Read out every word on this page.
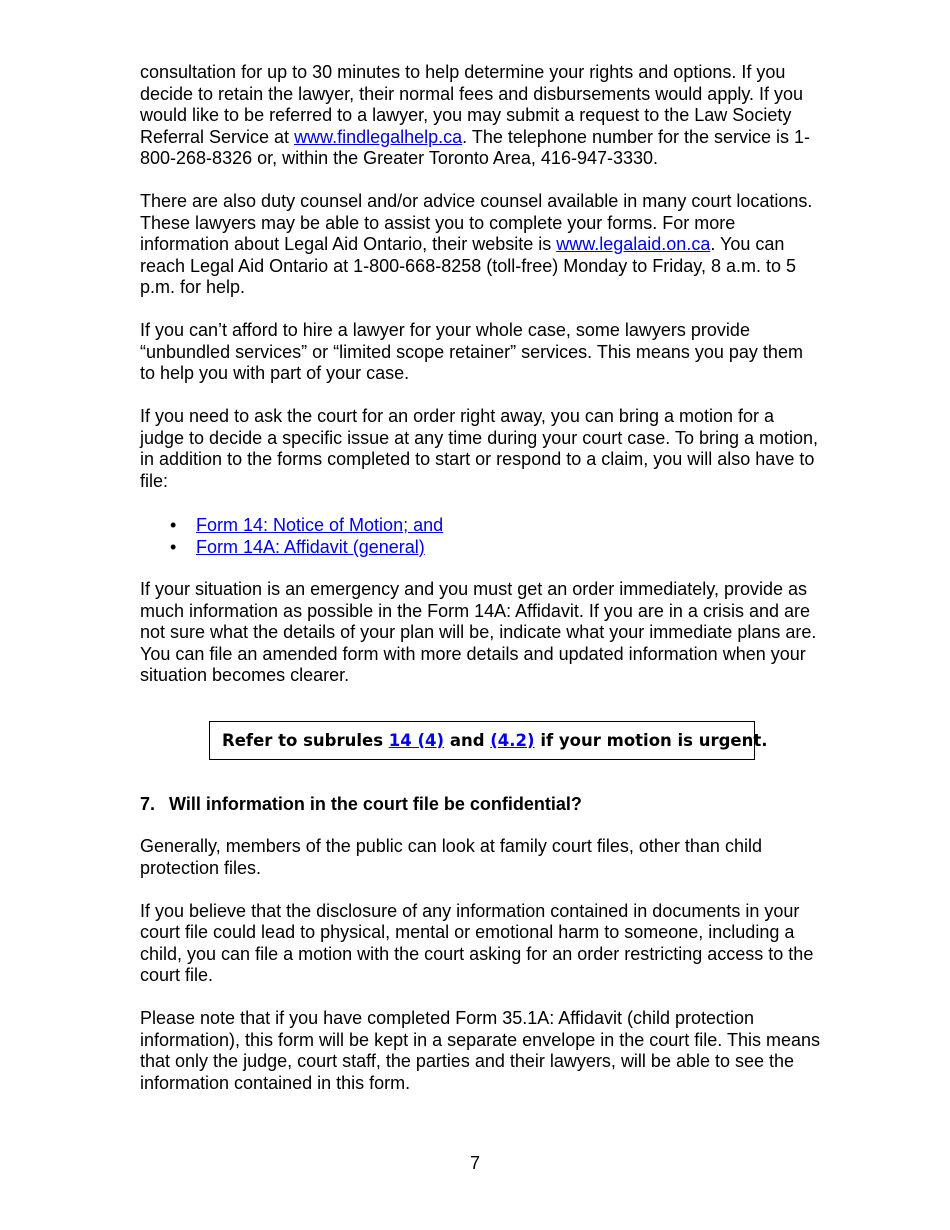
consultation for up to 30 minutes to help determine your rights and options. If you decide to retain the lawyer, their normal fees and disbursements would apply. If you would like to be referred to a lawyer, you may submit a request to the Law Society Referral Service at www.findlegalhelp.ca. The telephone number for the service is 1-800-268-8326 or, within the Greater Toronto Area, 416-947-3330.

There are also duty counsel and/or advice counsel available in many court locations. These lawyers may be able to assist you to complete your forms. For more information about Legal Aid Ontario, their website is www.legalaid.on.ca. You can reach Legal Aid Ontario at 1-800-668-8258 (toll-free) Monday to Friday, 8 a.m. to 5 p.m. for help.

If you can’t afford to hire a lawyer for your whole case, some lawyers provide “unbundled services” or “limited scope retainer” services. This means you pay them to help you with part of your case.

If you need to ask the court for an order right away, you can bring a motion for a judge to decide a specific issue at any time during your court case. To bring a motion, in addition to the forms completed to start or respond to a claim, you will also have to file:

• Form 14: Notice of Motion; and
• Form 14A: Affidavit (general)

If your situation is an emergency and you must get an order immediately, provide as much information as possible in the Form 14A: Affidavit. If you are in a crisis and are not sure what the details of your plan will be, indicate what your immediate plans are. You can file an amended form with more details and updated information when your situation becomes clearer.

Refer to subrules 14 (4) and (4.2) if your motion is urgent.
7. Will information in the court file be confidential?

Generally, members of the public can look at family court files, other than child protection files.

If you believe that the disclosure of any information contained in documents in your court file could lead to physical, mental or emotional harm to someone, including a child, you can file a motion with the court asking for an order restricting access to the court file.

Please note that if you have completed Form 35.1A: Affidavit (child protection information), this form will be kept in a separate envelope in the court file. This means that only the judge, court staff, the parties and their lawyers, will be able to see the information contained in this form.

7
